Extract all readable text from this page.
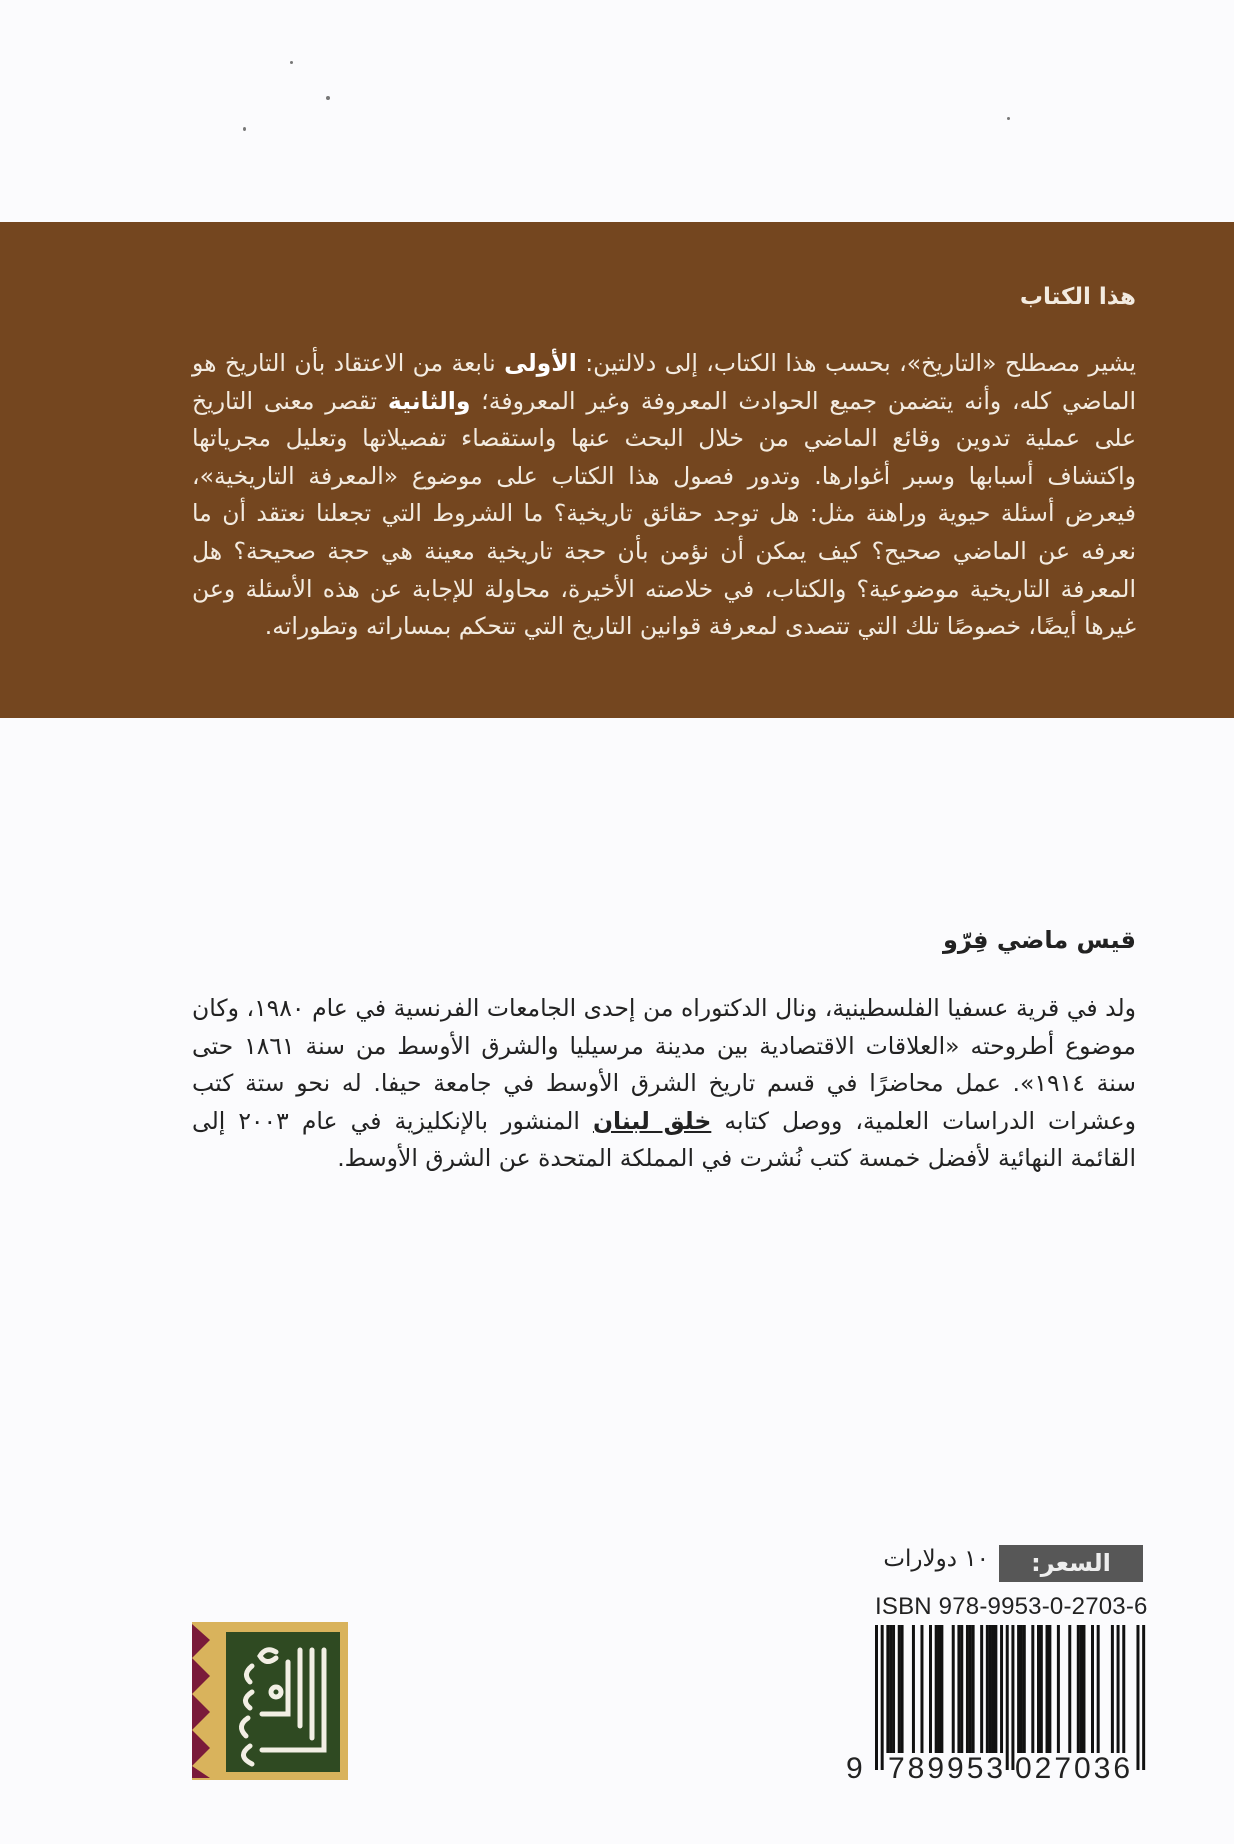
هذا الكتاب

يشير مصطلح «التاريخ»، بحسب هذا الكتاب، إلى دلالتين: الأولى نابعة من الاعتقاد بأن التاريخ هو الماضي كله، وأنه يتضمن جميع الحوادث المعروفة وغير المعروفة؛ والثانية تقصر معنى التاريخ على عملية تدوين وقائع الماضي من خلال البحث عنها واستقصاء تفصيلاتها وتعليل مجرياتها واكتشاف أسبابها وسبر أغوارها. وتدور فصول هذا الكتاب على موضوع «المعرفة التاريخية»، فيعرض أسئلة حيوية وراهنة مثل: هل توجد حقائق تاريخية؟ ما الشروط التي تجعلنا نعتقد أن ما نعرفه عن الماضي صحيح؟ كيف يمكن أن نؤمن بأن حجة تاريخية معينة هي حجة صحيحة؟ هل المعرفة التاريخية موضوعية؟ والكتاب، في خلاصته الأخيرة، محاولة للإجابة عن هذه الأسئلة وعن غيرها أيضًا، خصوصًا تلك التي تتصدى لمعرفة قوانين التاريخ التي تتحكم بمساراته وتطوراته.

قيس ماضي فِرّو

ولد في قرية عسفيا الفلسطينية، ونال الدكتوراه من إحدى الجامعات الفرنسية في عام ١٩٨٠، وكان موضوع أطروحته «العلاقات الاقتصادية بين مدينة مرسيليا والشرق الأوسط من سنة ١٨٦١ حتى سنة ١٩١٤». عمل محاضرًا في قسم تاريخ الشرق الأوسط في جامعة حيفا. له نحو ستة كتب وعشرات الدراسات العلمية، ووصل كتابه خلق لبنان المنشور بالإنكليزية في عام ٢٠٠٣ إلى القائمة النهائية لأفضل خمسة كتب نُشرت في المملكة المتحدة عن الشرق الأوسط.

السعر:
١٠ دولارات
ISBN 978-9953-0-2703-6
9 789953 027036
